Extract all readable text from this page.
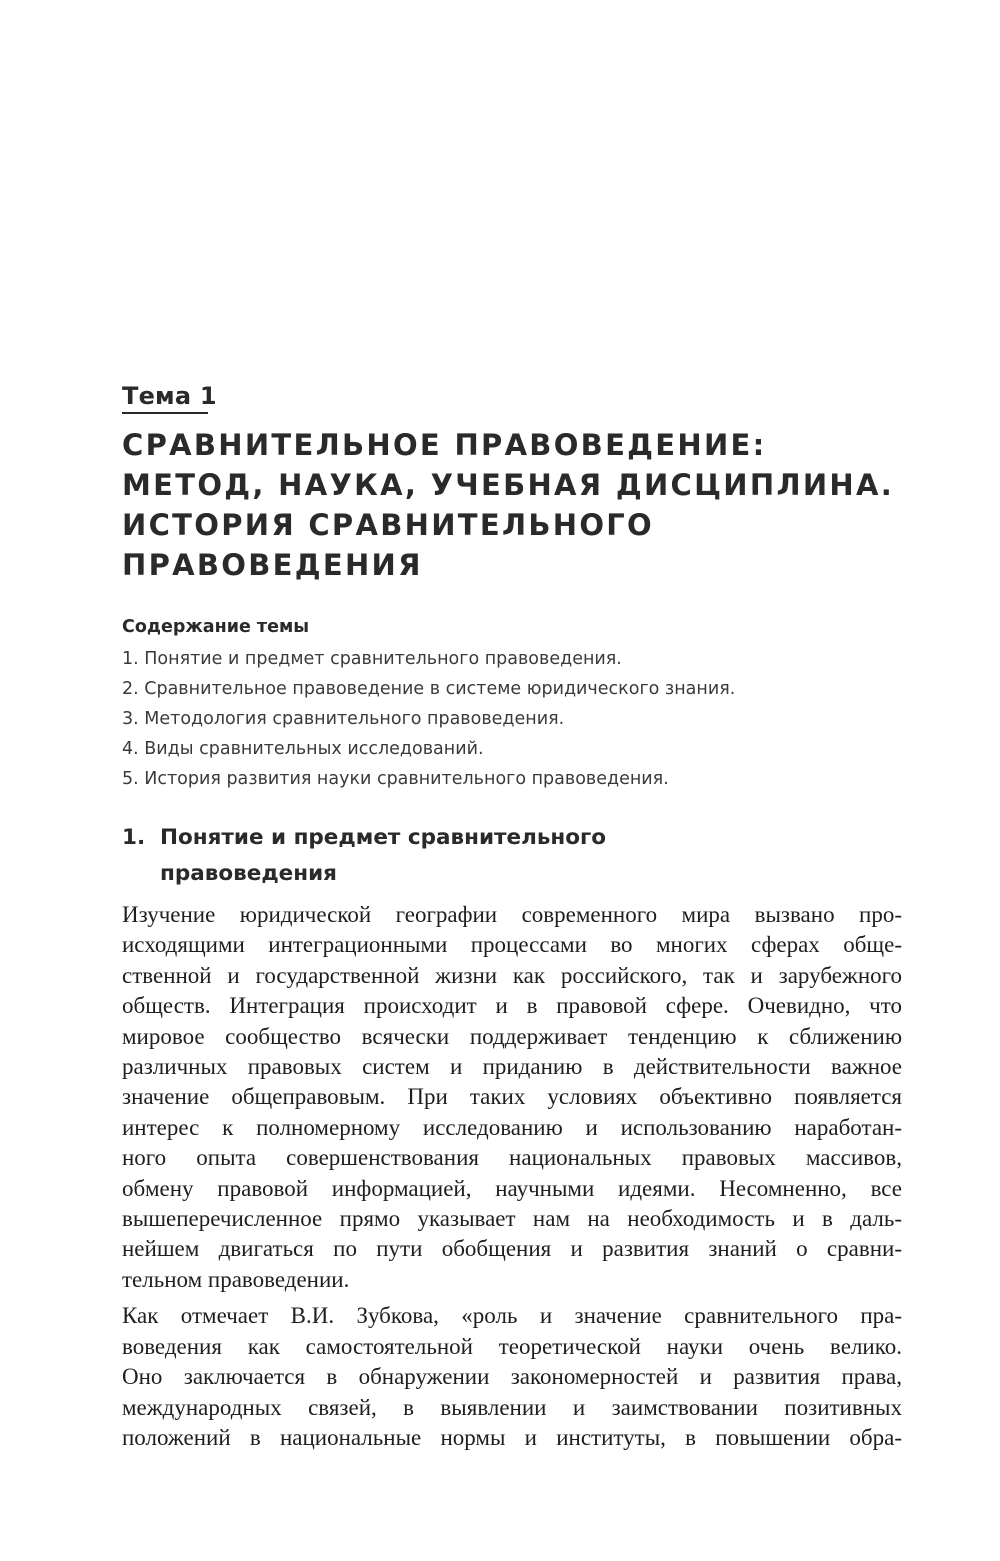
Тема 1
СРАВНИТЕЛЬНОЕ ПРАВОВЕДЕНИЕ:
МЕТОД, НАУКА, УЧЕБНАЯ ДИСЦИПЛИНА.
ИСТОРИЯ СРАВНИТЕЛЬНОГО
ПРАВОВЕДЕНИЯ
Содержание темы
1. Понятие и предмет сравнительного правоведения.
2. Сравнительное правоведение в системе юридического знания.
3. Методология сравнительного правоведения.
4. Виды сравнительных исследований.
5. История развития науки сравнительного правоведения.
1. Понятие и предмет сравнительного
правоведения
Изучение юридической географии современного мира вызвано про-
исходящими интеграционными процессами во многих сферах обще-
ственной и государственной жизни как российского, так и зарубежного
обществ. Интеграция происходит и в правовой сфере. Очевидно, что
мировое сообщество всячески поддерживает тенденцию к сближению
различных правовых систем и приданию в действительности важное
значение общеправовым. При таких условиях объективно появляется
интерес к полномерному исследованию и использованию наработан-
ного опыта совершенствования национальных правовых массивов,
обмену правовой информацией, научными идеями. Несомненно, все
вышеперечисленное прямо указывает нам на необходимость и в даль-
нейшем двигаться по пути обобщения и развития знаний о сравни-
тельном правоведении.
Как отмечает В.И. Зубкова, «роль и значение сравнительного пра-
воведения как самостоятельной теоретической науки очень велико.
Оно заключается в обнаружении закономерностей и развития права,
международных связей, в выявлении и заимствовании позитивных
положений в национальные нормы и институты, в повышении обра-
